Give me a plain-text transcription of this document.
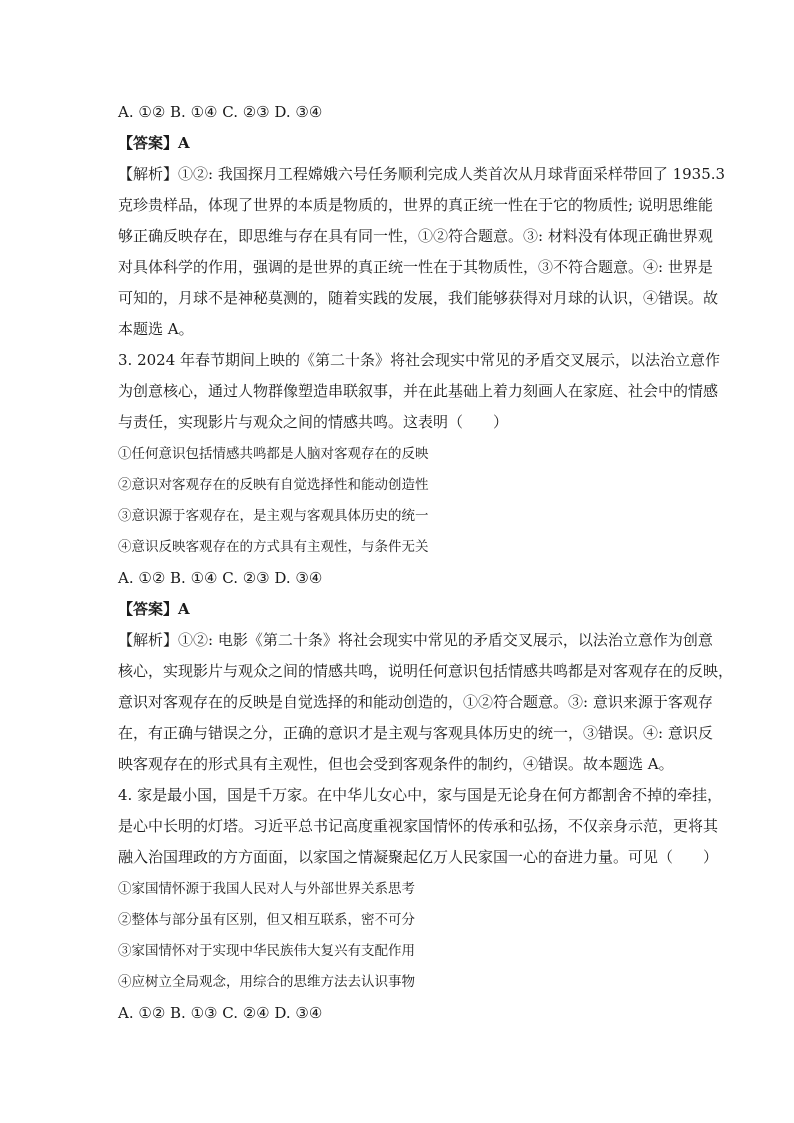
A. ①② B. ①④ C. ②③ D. ③④
【答案】A
【解析】①②: 我国探月工程嫦娥六号任务顺利完成人类首次从月球背面采样带回了 1935.3
克珍贵样品，体现了世界的本质是物质的，世界的真正统一性在于它的物质性; 说明思维能
够正确反映存在，即思维与存在具有同一性，①②符合题意。③: 材料没有体现正确世界观
对具体科学的作用，强调的是世界的真正统一性在于其物质性，③不符合题意。④: 世界是
可知的，月球不是神秘莫测的，随着实践的发展，我们能够获得对月球的认识，④错误。故
本题选 A。
3. 2024 年春节期间上映的《第二十条》将社会现实中常见的矛盾交叉展示，以法治立意作
为创意核心，通过人物群像塑造串联叙事，并在此基础上着力刻画人在家庭、社会中的情感
与责任，实现影片与观众之间的情感共鸣。这表明（　　）
①任何意识包括情感共鸣都是人脑对客观存在的反映
②意识对客观存在的反映有自觉选择性和能动创造性
③意识源于客观存在，是主观与客观具体历史的统一
④意识反映客观存在的方式具有主观性，与条件无关
A. ①② B. ①④ C. ②③ D. ③④
【答案】A
【解析】①②: 电影《第二十条》将社会现实中常见的矛盾交叉展示，以法治立意作为创意
核心，实现影片与观众之间的情感共鸣，说明任何意识包括情感共鸣都是对客观存在的反映，
意识对客观存在的反映是自觉选择的和能动创造的，①②符合题意。③: 意识来源于客观存
在，有正确与错误之分，正确的意识才是主观与客观具体历史的统一，③错误。④: 意识反
映客观存在的形式具有主观性，但也会受到客观条件的制约，④错误。故本题选 A。
4. 家是最小国，国是千万家。在中华儿女心中，家与国是无论身在何方都割舍不掉的牵挂，
是心中长明的灯塔。习近平总书记高度重视家国情怀的传承和弘扬，不仅亲身示范，更将其
融入治国理政的方方面面，以家国之情凝聚起亿万人民家国一心的奋进力量。可见（　　）
①家国情怀源于我国人民对人与外部世界关系思考
②整体与部分虽有区别，但又相互联系，密不可分
③家国情怀对于实现中华民族伟大复兴有支配作用
④应树立全局观念，用综合的思维方法去认识事物
A. ①② B. ①③ C. ②④ D. ③④
